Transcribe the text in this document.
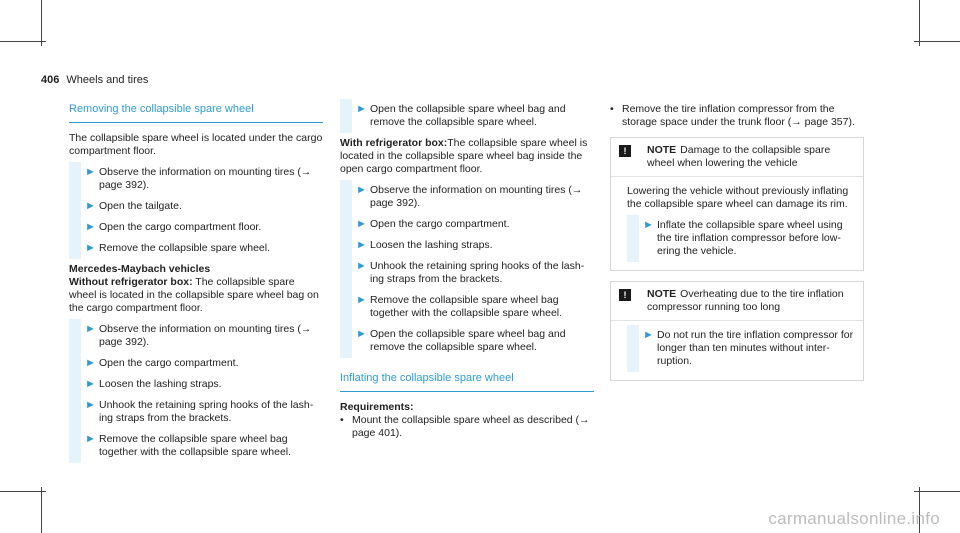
406 Wheels and tires
Removing the collapsible spare wheel

The collapsible spare wheel is located under the cargo compartment floor.

► Observe the information on mounting tires (→ page 392).
► Open the tailgate.
► Open the cargo compartment floor.
► Remove the collapsible spare wheel.
Mercedes-Maybach vehicles

Without refrigerator box: The collapsible spare wheel is located in the collapsible spare wheel bag on the cargo compartment floor.

► Observe the information on mounting tires (→ page 392).
► Open the cargo compartment.
► Loosen the lashing straps.
► Unhook the retaining spring hooks of the lashing straps from the brackets.
► Remove the collapsible spare wheel bag together with the collapsible spare wheel.
► Open the collapsible spare wheel bag and remove the collapsible spare wheel.

With refrigerator box:The collapsible spare wheel is located in the collapsible spare wheel bag inside the open cargo compartment floor.

► Observe the information on mounting tires (→ page 392).
► Open the cargo compartment.
► Loosen the lashing straps.
► Unhook the retaining spring hooks of the lashing straps from the brackets.
► Remove the collapsible spare wheel bag together with the collapsible spare wheel.
► Open the collapsible spare wheel bag and remove the collapsible spare wheel.
Inflating the collapsible spare wheel
Requirements:
• Mount the collapsible spare wheel as described (→ page 401).
• Remove the tire inflation compressor from the storage space under the trunk floor (→ page 357).
!	NOTE Damage to the collapsible spare wheel when lowering the vehicle

Lowering the vehicle without previously inflating the collapsible spare wheel can damage its rim.

► Inflate the collapsible spare wheel using the tire inflation compressor before lowering the vehicle.
!	NOTE Overheating due to the tire inflation compressor running too long
► Do not run the tire inflation compressor for longer than ten minutes without interruption.
carmanualsonline.info
